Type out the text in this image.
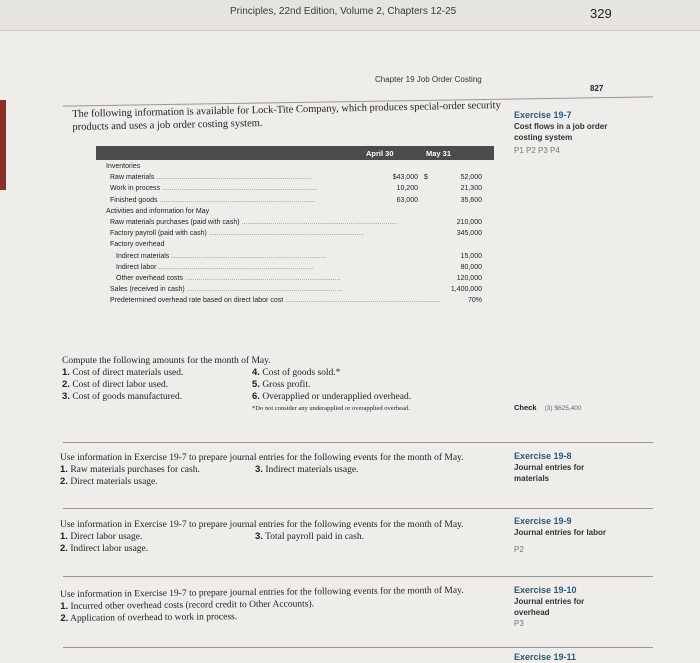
Principles, 22nd Edition, Volume 2, Chapters 12-25	329
Chapter 19 Job Order Costing
827
Exercise 19-7
Cost flows in a job order
costing system
P1 P2 P3 P4
The following information is available for Lock-Tite Company, which produces special-order security
products and uses a job order costing system.
April 30	May 31
Inventories
Raw materials ................................................................................	$43,000 $	52,000
Work in process ................................................................................	10,200	21,300
Finished goods ................................................................................	63,000	35,600
Activities and information for May
Raw materials purchases (paid with cash) ................................................................................	210,000
Factory payroll (paid with cash) ................................................................................	345,000
Factory overhead
Indirect materials ................................................................................	15,000
Indirect labor ................................................................................	80,000
Other overhead costs ................................................................................	120,000
Sales (received in cash) ................................................................................	1,400,000
Predetermined overhead rate based on direct labor cost ................................................................................	70%
Compute the following amounts for the month of May.
1. Cost of direct materials used.	4. Cost of goods sold.*
2. Cost of direct labor used.	5. Gross profit.
3. Cost of goods manufactured.	6. Overapplied or underapplied overhead.
*Do not consider any underapplied or overapplied overhead.	Check (3) $625,400
Exercise 19-8
Journal entries for
materials
Use information in Exercise 19-7 to prepare journal entries for the following events for the month of May.
1. Raw materials purchases for cash.	3. Indirect materials usage.
2. Direct materials usage.
Exercise 19-9
Journal entries for labor
P2
Use information in Exercise 19-7 to prepare journal entries for the following events for the month of May.
1. Direct labor usage.	3. Total payroll paid in cash.
2. Indirect labor usage.
Exercise 19-10
Journal entries for
overhead
P3
Use information in Exercise 19-7 to prepare journal entries for the following events for the month of May.
1. Incurred other overhead costs (record credit to Other Accounts).
2. Application of overhead to work in process.
Exercise 19-11
